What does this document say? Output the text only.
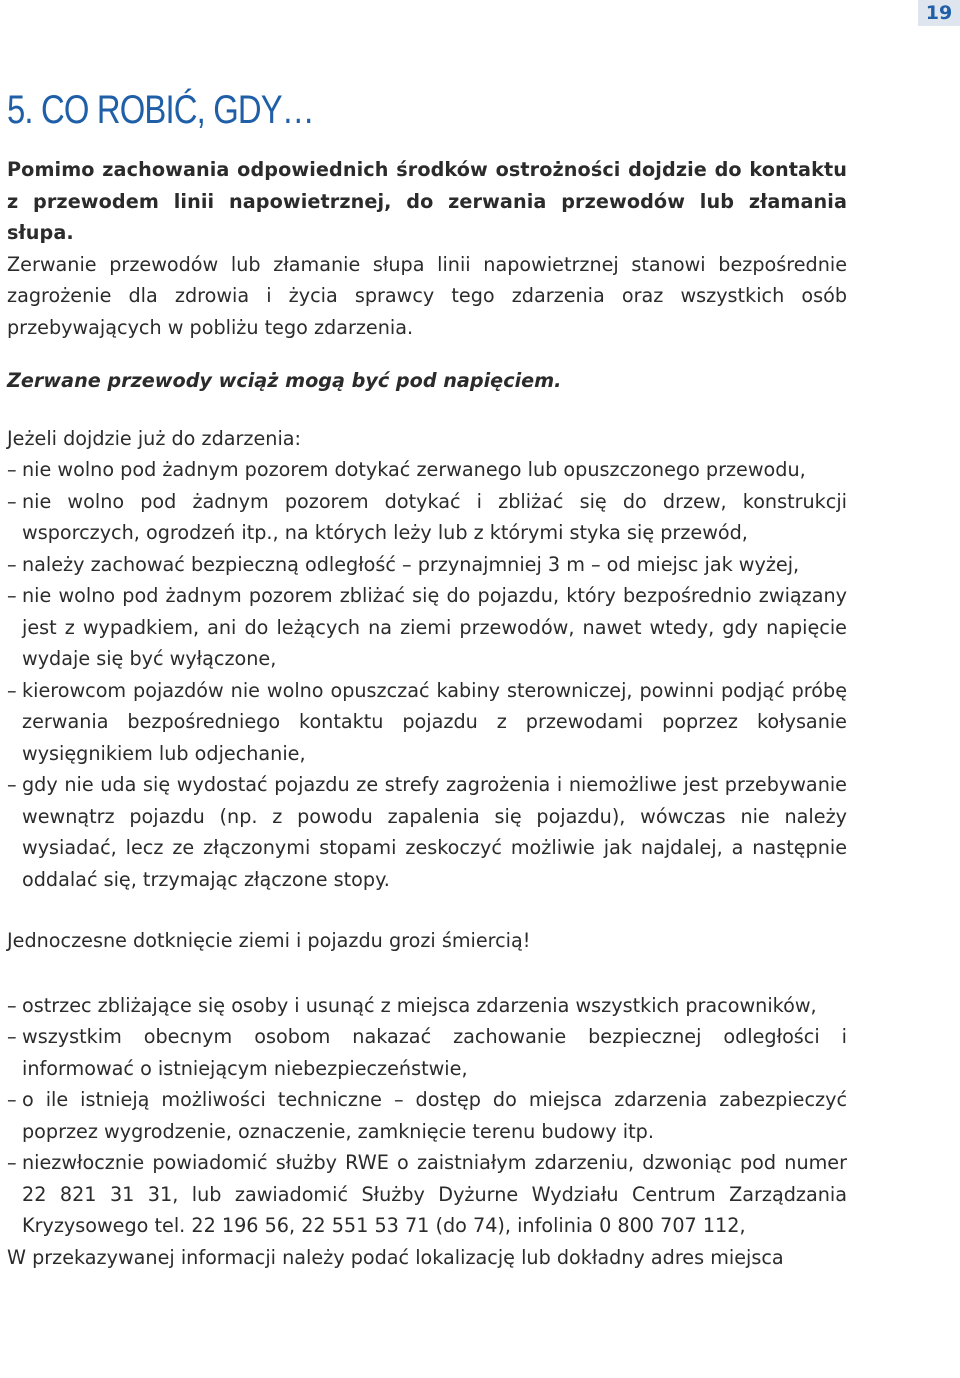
19
5. CO ROBIĆ, GDY…

Pomimo zachowania odpowiednich środków ostrożności dojdzie do kontaktu z przewodem linii napowietrznej, do zerwania przewodów lub złamania słupa.

Zerwanie przewodów lub złamanie słupa linii napowietrznej stanowi bezpośrednie zagrożenie dla zdrowia i życia sprawcy tego zdarzenia oraz wszystkich osób przebywających w pobliżu tego zdarzenia.

Zerwane przewody wciąż mogą być pod napięciem.

Jeżeli dojdzie już do zdarzenia:

– nie wolno pod żadnym pozorem dotykać zerwanego lub opuszczonego przewodu,
– nie wolno pod żadnym pozorem dotykać i zbliżać się do drzew, konstrukcji wsporczych, ogrodzeń itp., na których leży lub z którymi styka się przewód,
– należy zachować bezpieczną odległość – przynajmniej 3 m – od miejsc jak wyżej,
– nie wolno pod żadnym pozorem zbliżać się do pojazdu, który bezpośrednio związany jest z wypadkiem, ani do leżących na ziemi przewodów, nawet wtedy, gdy napięcie wydaje się być wyłączone,
– kierowcom pojazdów nie wolno opuszczać kabiny sterowniczej, powinni podjąć próbę zerwania bezpośredniego kontaktu pojazdu z przewodami poprzez kołysanie wysięgnikiem lub odjechanie,
– gdy nie uda się wydostać pojazdu ze strefy zagrożenia i niemożliwe jest przebywanie wewnątrz pojazdu (np. z powodu zapalenia się pojazdu), wówczas nie należy wysiadać, lecz ze złączonymi stopami zeskoczyć możliwie jak najdalej, a następnie oddalać się, trzymając złączone stopy.

Jednoczesne dotknięcie ziemi i pojazdu grozi śmiercią!

– ostrzec zbliżające się osoby i usunąć z miejsca zdarzenia wszystkich pracowników,
– wszystkim obecnym osobom nakazać zachowanie bezpiecznej odległości i informować o istniejącym niebezpieczeństwie,
– o ile istnieją możliwości techniczne – dostęp do miejsca zdarzenia zabezpieczyć poprzez wygrodzenie, oznaczenie, zamknięcie terenu budowy itp.
– niezwłocznie powiadomić służby RWE o zaistniałym zdarzeniu, dzwoniąc pod numer 22 821 31 31, lub zawiadomić Służby Dyżurne Wydziału Centrum Zarządzania Kryzysowego tel. 22 196 56, 22 551 53 71 (do 74), infolinia 0 800 707 112,

W przekazywanej informacji należy podać lokalizację lub dokładny adres miejsca
